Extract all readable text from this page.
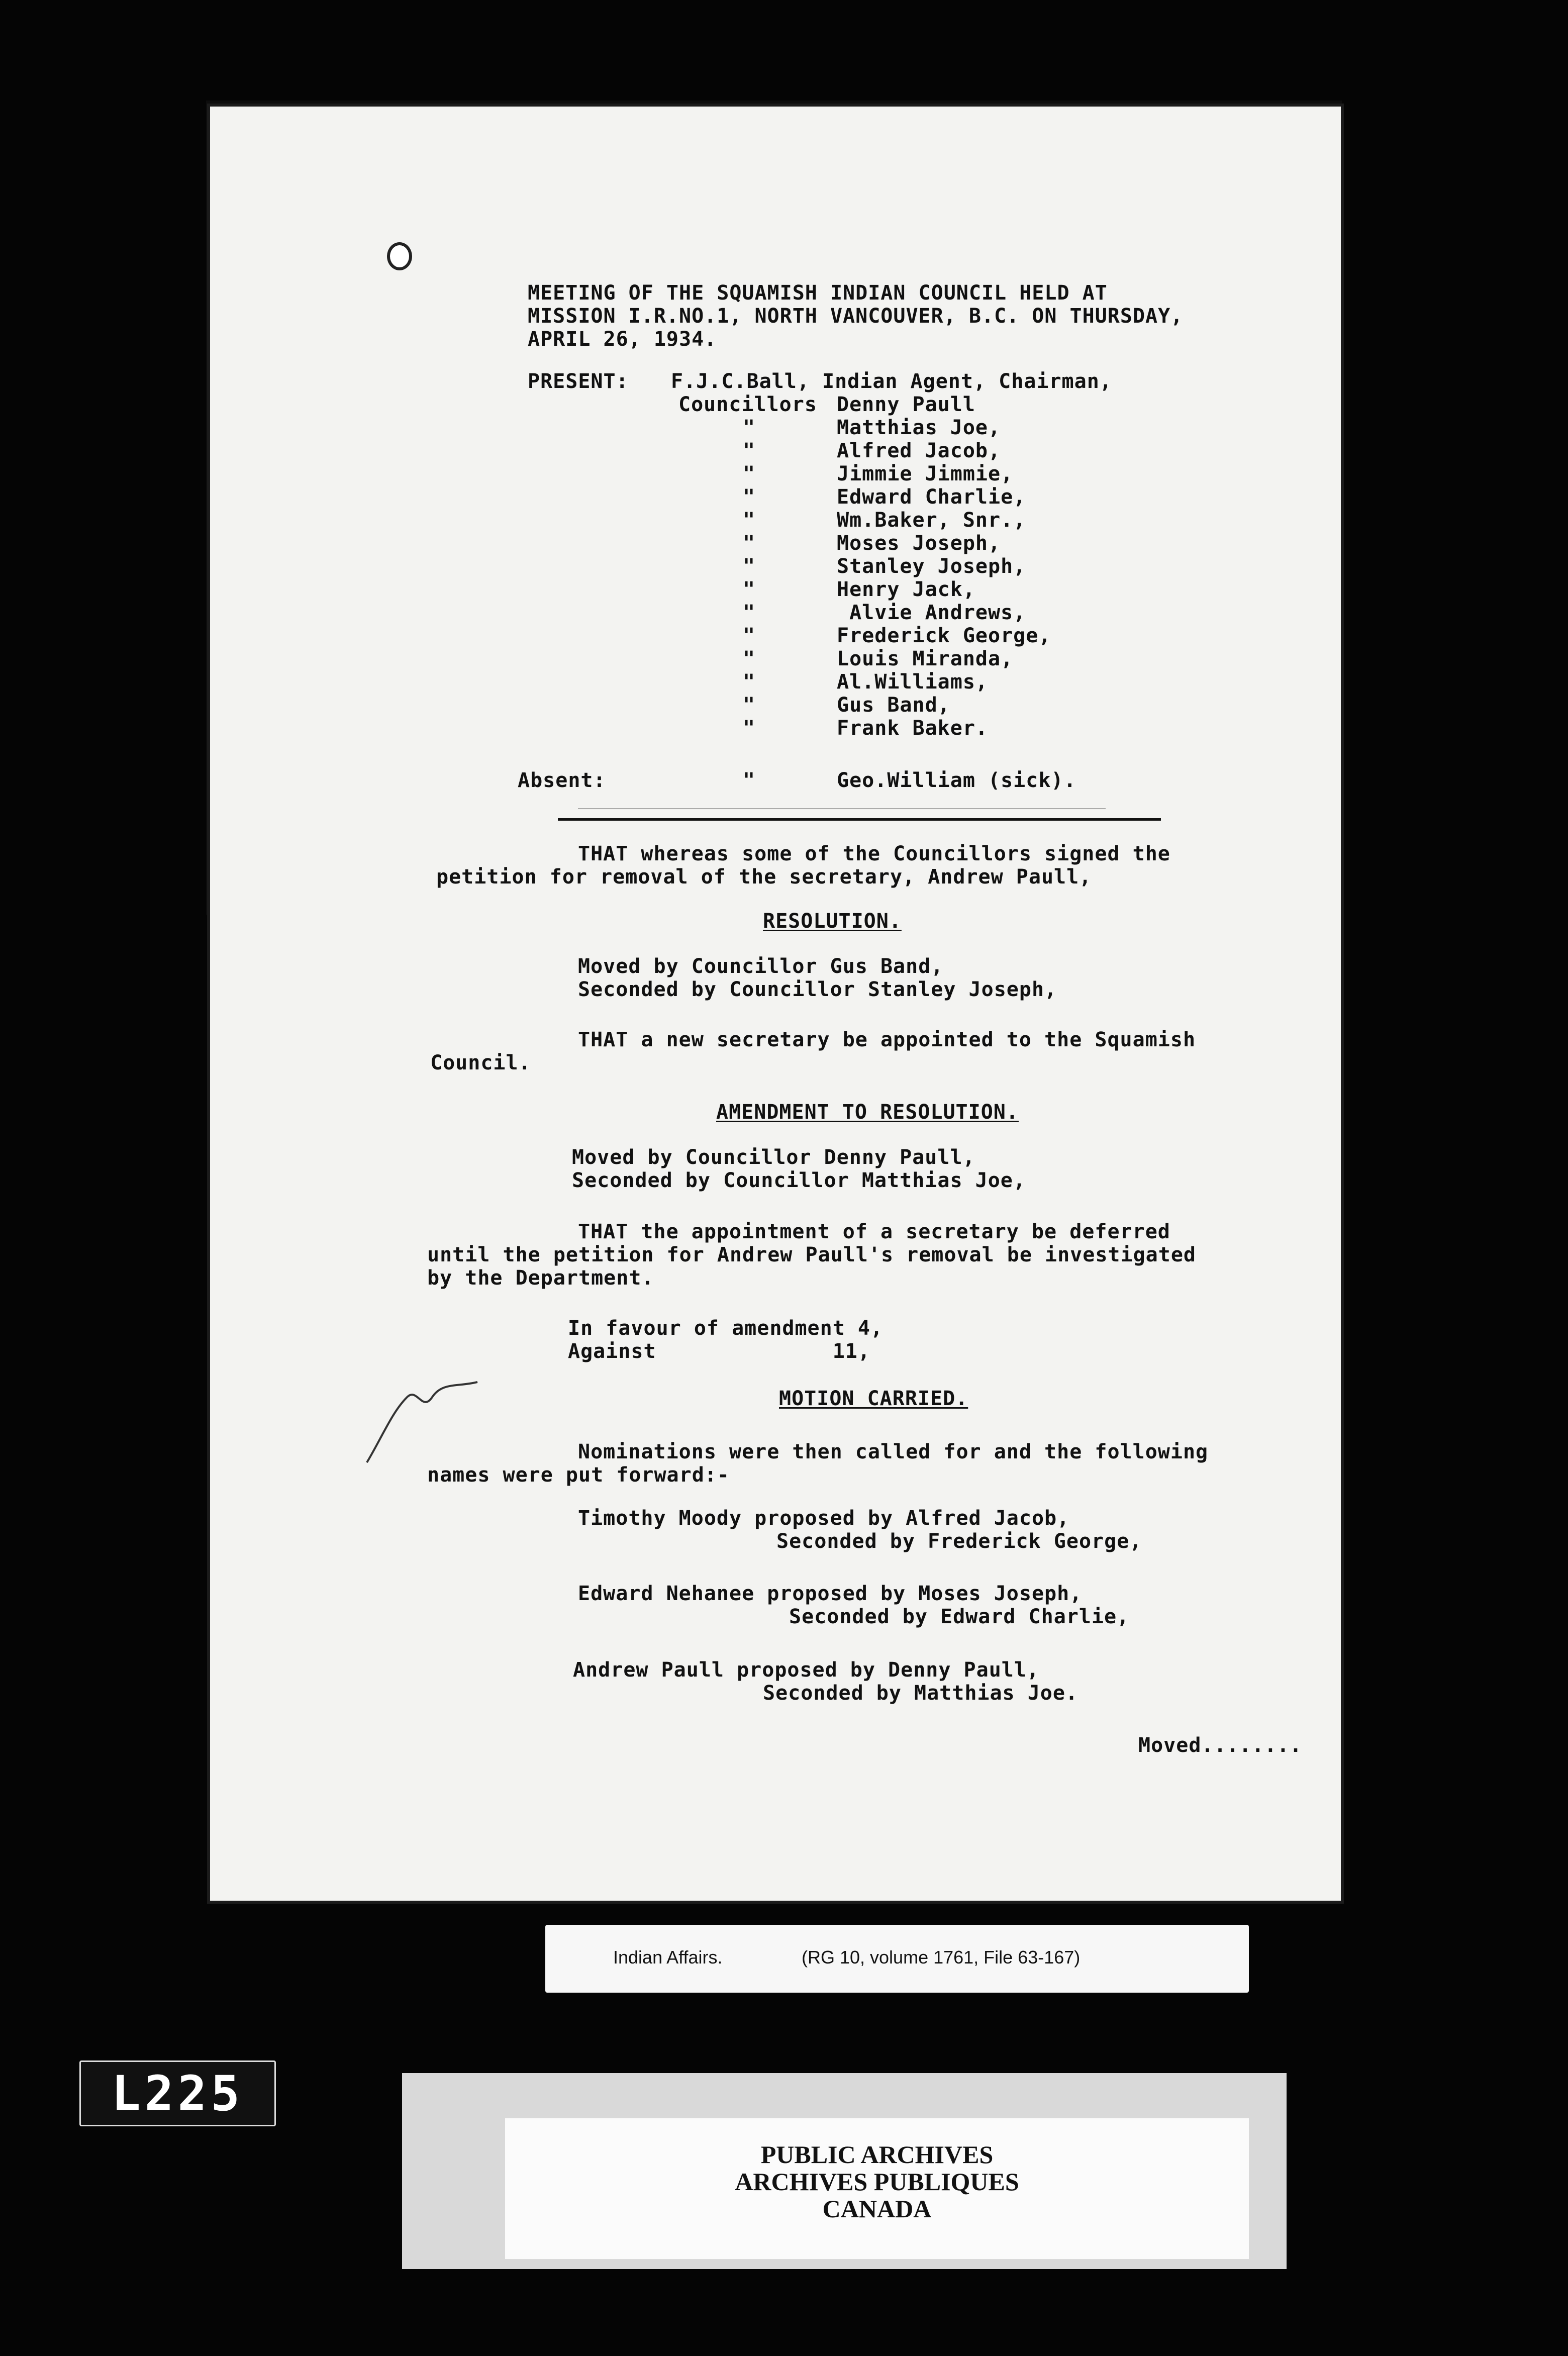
MEETING OF THE SQUAMISH INDIAN COUNCIL HELD AT

MISSION I.R.NO.1, NORTH VANCOUVER, B.C. ON THURSDAY,

APRIL 26, 1934.

PRESENT: F.J.C.Ball, Indian Agent, Chairman,

Councillors Denny Paull

Matthias Joe,

Alfred Jacob,

Jimmie Jimmie,

Edward Charlie,

Wm.Baker, Snr.,

Moses Joseph,

Stanley Joseph,

Henry Jack,

Alvie Andrews,

Frederick George,

Louis Miranda,

Al.Williams,

Gus Band,

Frank Baker.

"
"
"
"
"
"
"
"
"
"
"
"
"
"
"

Absent:	Geo.William (sick).

THAT whereas some of the Councillors signed the

petition for removal of the secretary, Andrew Paull,

RESOLUTION.

Moved by Councillor Gus Band,

Seconded by Councillor Stanley Joseph,

THAT a new secretary be appointed to the Squamish

Council.

AMENDMENT TO RESOLUTION.

Moved by Councillor Denny Paull,

Seconded by Councillor Matthias Joe,

THAT the appointment of a secretary be deferred

until the petition for Andrew Paull's removal be investigated

by the Department.

In favour of amendment 4,

Against              11,

MOTION CARRIED.

Nominations were then called for and the following

names were put forward:-

Timothy Moody proposed by Alfred Jacob,

Seconded by Frederick George,

Edward Nehanee proposed by Moses Joseph,

Seconded by Edward Charlie,

Andrew Paull proposed by Denny Paull,

Seconded by Matthias Joe.

Moved........

Indian Affairs.	(RG 10, volume 1761, File 63-167)
L225
PUBLIC ARCHIVES
ARCHIVES PUBLIQUES
CANADA
